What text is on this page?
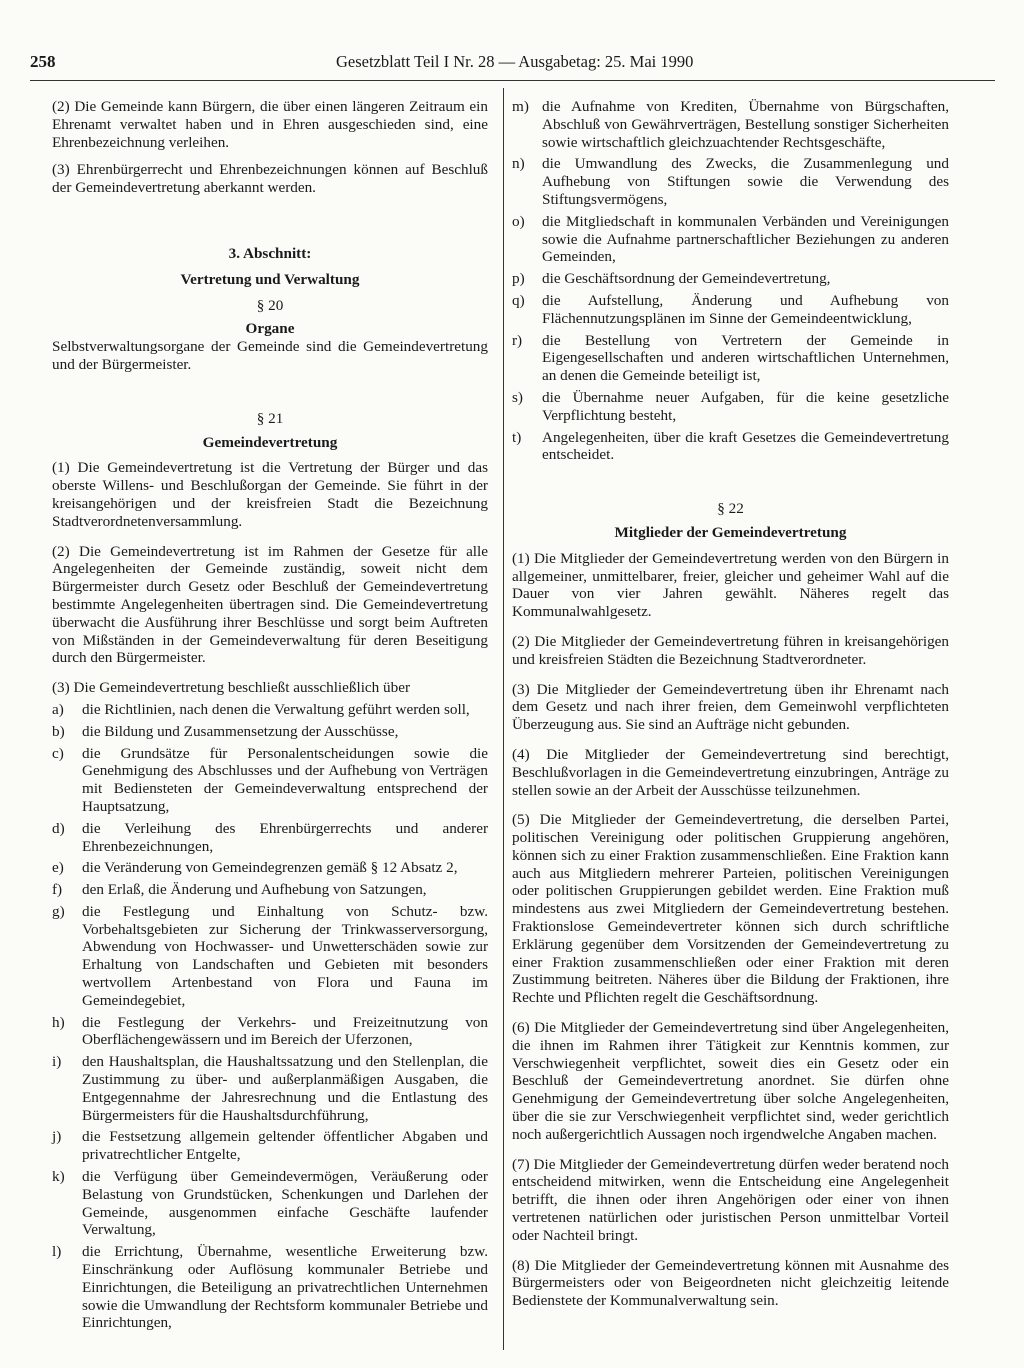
258	Gesetzblatt Teil I Nr. 28 — Ausgabetag: 25. Mai 1990

(2) Die Gemeinde kann Bürgern, die über einen längeren Zeitraum ein Ehrenamt verwaltet haben und in Ehren ausgeschieden sind, eine Ehrenbezeichnung verleihen.

(3) Ehrenbürgerrecht und Ehrenbezeichnungen können auf Beschluß der Gemeindevertretung aberkannt werden.

3. Abschnitt:

Vertretung und Verwaltung

§ 20

Organe

Selbstverwaltungsorgane der Gemeinde sind die Gemeindevertretung und der Bürgermeister.

§ 21

Gemeindevertretung

(1) Die Gemeindevertretung ist die Vertretung der Bürger und das oberste Willens- und Beschlußorgan der Gemeinde. Sie führt in der kreisangehörigen und der kreisfreien Stadt die Bezeichnung Stadtverordnetenversammlung.

(2) Die Gemeindevertretung ist im Rahmen der Gesetze für alle Angelegenheiten der Gemeinde zuständig, soweit nicht dem Bürgermeister durch Gesetz oder Beschluß der Gemeindevertretung bestimmte Angelegenheiten übertragen sind. Die Gemeindevertretung überwacht die Ausführung ihrer Beschlüsse und sorgt beim Auftreten von Mißständen in der Gemeindeverwaltung für deren Beseitigung durch den Bürgermeister.

(3) Die Gemeindevertretung beschließt ausschließlich über

a) die Richtlinien, nach denen die Verwaltung geführt werden soll,
b) die Bildung und Zusammensetzung der Ausschüsse,
c) die Grundsätze für Personalentscheidungen sowie die Genehmigung des Abschlusses und der Aufhebung von Verträgen mit Bediensteten der Gemeindeverwaltung entsprechend der Hauptsatzung,
d) die Verleihung des Ehrenbürgerrechts und anderer Ehrenbezeichnungen,
e) die Veränderung von Gemeindegrenzen gemäß § 12 Absatz 2,
f) den Erlaß, die Änderung und Aufhebung von Satzungen,
g) die Festlegung und Einhaltung von Schutz- bzw. Vorbehaltsgebieten zur Sicherung der Trinkwasserversorgung, Abwendung von Hochwasser- und Unwetterschäden sowie zur Erhaltung von Landschaften und Gebieten mit besonders wertvollem Artenbestand von Flora und Fauna im Gemeindegebiet,
h) die Festlegung der Verkehrs- und Freizeitnutzung von Oberflächengewässern und im Bereich der Uferzonen,
i) den Haushaltsplan, die Haushaltssatzung und den Stellenplan, die Zustimmung zu über- und außerplanmäßigen Ausgaben, die Entgegennahme der Jahresrechnung und die Entlastung des Bürgermeisters für die Haushaltsdurchführung,
j) die Festsetzung allgemein geltender öffentlicher Abgaben und privatrechtlicher Entgelte,
k) die Verfügung über Gemeindevermögen, Veräußerung oder Belastung von Grundstücken, Schenkungen und Darlehen der Gemeinde, ausgenommen einfache Geschäfte laufender Verwaltung,
l) die Errichtung, Übernahme, wesentliche Erweiterung bzw. Einschränkung oder Auflösung kommunaler Betriebe und Einrichtungen, die Beteiligung an privatrechtlichen Unternehmen sowie die Umwandlung der Rechtsform kommunaler Betriebe und Einrichtungen,
m) die Aufnahme von Krediten, Übernahme von Bürgschaften, Abschluß von Gewährverträgen, Bestellung sonstiger Sicherheiten sowie wirtschaftlich gleichzuachtender Rechtsgeschäfte,
n) die Umwandlung des Zwecks, die Zusammenlegung und Aufhebung von Stiftungen sowie die Verwendung des Stiftungsvermögens,
o) die Mitgliedschaft in kommunalen Verbänden und Vereinigungen sowie die Aufnahme partnerschaftlicher Beziehungen zu anderen Gemeinden,
p) die Geschäftsordnung der Gemeindevertretung,
q) die Aufstellung, Änderung und Aufhebung von Flächennutzungsplänen im Sinne der Gemeindeentwicklung,
r) die Bestellung von Vertretern der Gemeinde in Eigengesellschaften und anderen wirtschaftlichen Unternehmen, an denen die Gemeinde beteiligt ist,
s) die Übernahme neuer Aufgaben, für die keine gesetzliche Verpflichtung besteht,
t) Angelegenheiten, über die kraft Gesetzes die Gemeindevertretung entscheidet.

§ 22

Mitglieder der Gemeindevertretung

(1) Die Mitglieder der Gemeindevertretung werden von den Bürgern in allgemeiner, unmittelbarer, freier, gleicher und geheimer Wahl auf die Dauer von vier Jahren gewählt. Näheres regelt das Kommunalwahlgesetz.

(2) Die Mitglieder der Gemeindevertretung führen in kreisangehörigen und kreisfreien Städten die Bezeichnung Stadtverordneter.

(3) Die Mitglieder der Gemeindevertretung üben ihr Ehrenamt nach dem Gesetz und nach ihrer freien, dem Gemeinwohl verpflichteten Überzeugung aus. Sie sind an Aufträge nicht gebunden.

(4) Die Mitglieder der Gemeindevertretung sind berechtigt, Beschlußvorlagen in die Gemeindevertretung einzubringen, Anträge zu stellen sowie an der Arbeit der Ausschüsse teilzunehmen.

(5) Die Mitglieder der Gemeindevertretung, die derselben Partei, politischen Vereinigung oder politischen Gruppierung angehören, können sich zu einer Fraktion zusammenschließen. Eine Fraktion kann auch aus Mitgliedern mehrerer Parteien, politischen Vereinigungen oder politischen Gruppierungen gebildet werden. Eine Fraktion muß mindestens aus zwei Mitgliedern der Gemeindevertretung bestehen. Fraktionslose Gemeindevertreter können sich durch schriftliche Erklärung gegenüber dem Vorsitzenden der Gemeindevertretung zu einer Fraktion zusammenschließen oder einer Fraktion mit deren Zustimmung beitreten. Näheres über die Bildung der Fraktionen, ihre Rechte und Pflichten regelt die Geschäftsordnung.

(6) Die Mitglieder der Gemeindevertretung sind über Angelegenheiten, die ihnen im Rahmen ihrer Tätigkeit zur Kenntnis kommen, zur Verschwiegenheit verpflichtet, soweit dies ein Gesetz oder ein Beschluß der Gemeindevertretung anordnet. Sie dürfen ohne Genehmigung der Gemeindevertretung über solche Angelegenheiten, über die sie zur Verschwiegenheit verpflichtet sind, weder gerichtlich noch außergerichtlich Aussagen noch irgendwelche Angaben machen.

(7) Die Mitglieder der Gemeindevertretung dürfen weder beratend noch entscheidend mitwirken, wenn die Entscheidung eine Angelegenheit betrifft, die ihnen oder ihren Angehörigen oder einer von ihnen vertretenen natürlichen oder juristischen Person unmittelbar Vorteil oder Nachteil bringt.

(8) Die Mitglieder der Gemeindevertretung können mit Ausnahme des Bürgermeisters oder von Beigeordneten nicht gleichzeitig leitende Bedienstete der Kommunalverwaltung sein.
